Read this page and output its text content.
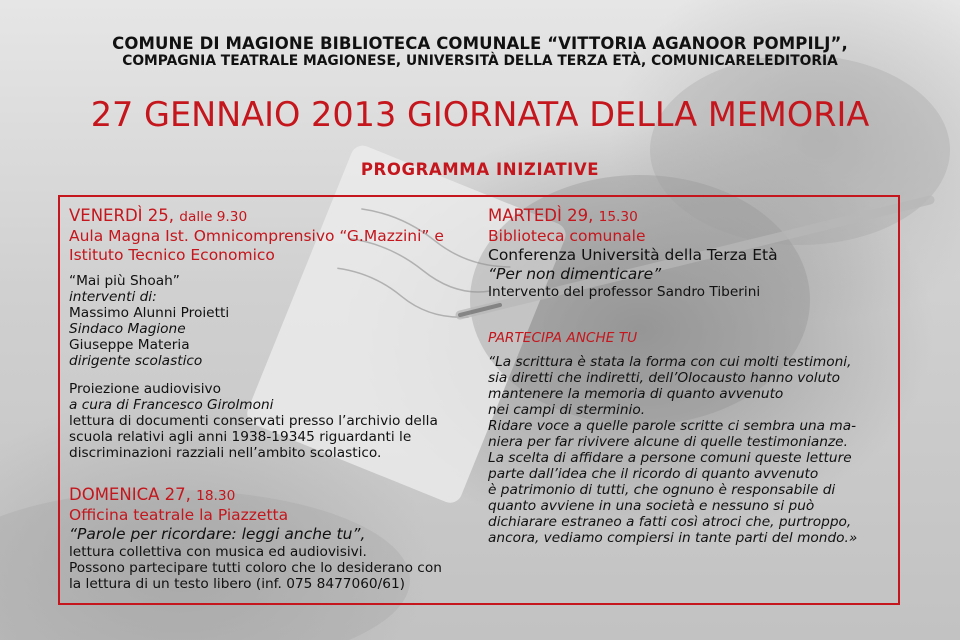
COMUNE DI MAGIONE BIBLIOTECA COMUNALE “VITTORIA AGANOOR POMPILJ”,

COMPAGNIA TEATRALE MAGIONESE, UNIVERSITÀ DELLA TERZA ETÀ, COMUNICARELEDITORIA

27 GENNAIO 2013 GIORNATA DELLA MEMORIA
PROGRAMMA INIZIATIVE

VENERDÌ 25, dalle 9.30

Aula Magna Ist. Omnicomprensivo “G.Mazzini” e

Istituto Tecnico Economico

“Mai più Shoah”

interventi di:

Massimo Alunni Proietti

Sindaco Magione

Giuseppe Materia

dirigente scolastico

Proiezione audiovisivo

a cura di Francesco Girolmoni

lettura di documenti conservati presso l’archivio della

scuola relativi agli anni 1938-19345 riguardanti le

discriminazioni razziali nell’ambito scolastico.

DOMENICA 27, 18.30

Officina teatrale la Piazzetta

“Parole per ricordare: leggi anche tu”,

lettura collettiva con musica ed audiovisivi.

Possono partecipare tutti coloro che lo desiderano con

la lettura di un testo libero (inf. 075 8477060/61)

MARTEDÌ 29, 15.30

Biblioteca comunale

Conferenza Università della Terza Età

“Per non dimenticare”

Intervento del professor Sandro Tiberini

PARTECIPA ANCHE TU

“La scrittura è stata la forma con cui molti testimoni,

sia diretti che indiretti, dell’Olocausto hanno voluto

mantenere la memoria di quanto avvenuto

nei campi di sterminio.

Ridare voce a quelle parole scritte ci sembra una ma-

niera per far rivivere alcune di quelle testimonianze.

La scelta di affidare a persone comuni queste letture

parte dall’idea che il ricordo di quanto avvenuto

è patrimonio di tutti, che ognuno è responsabile di

quanto avviene in una società e nessuno si può

dichiarare estraneo a fatti così atroci che, purtroppo,

ancora, vediamo compiersi in tante parti del mondo.»
